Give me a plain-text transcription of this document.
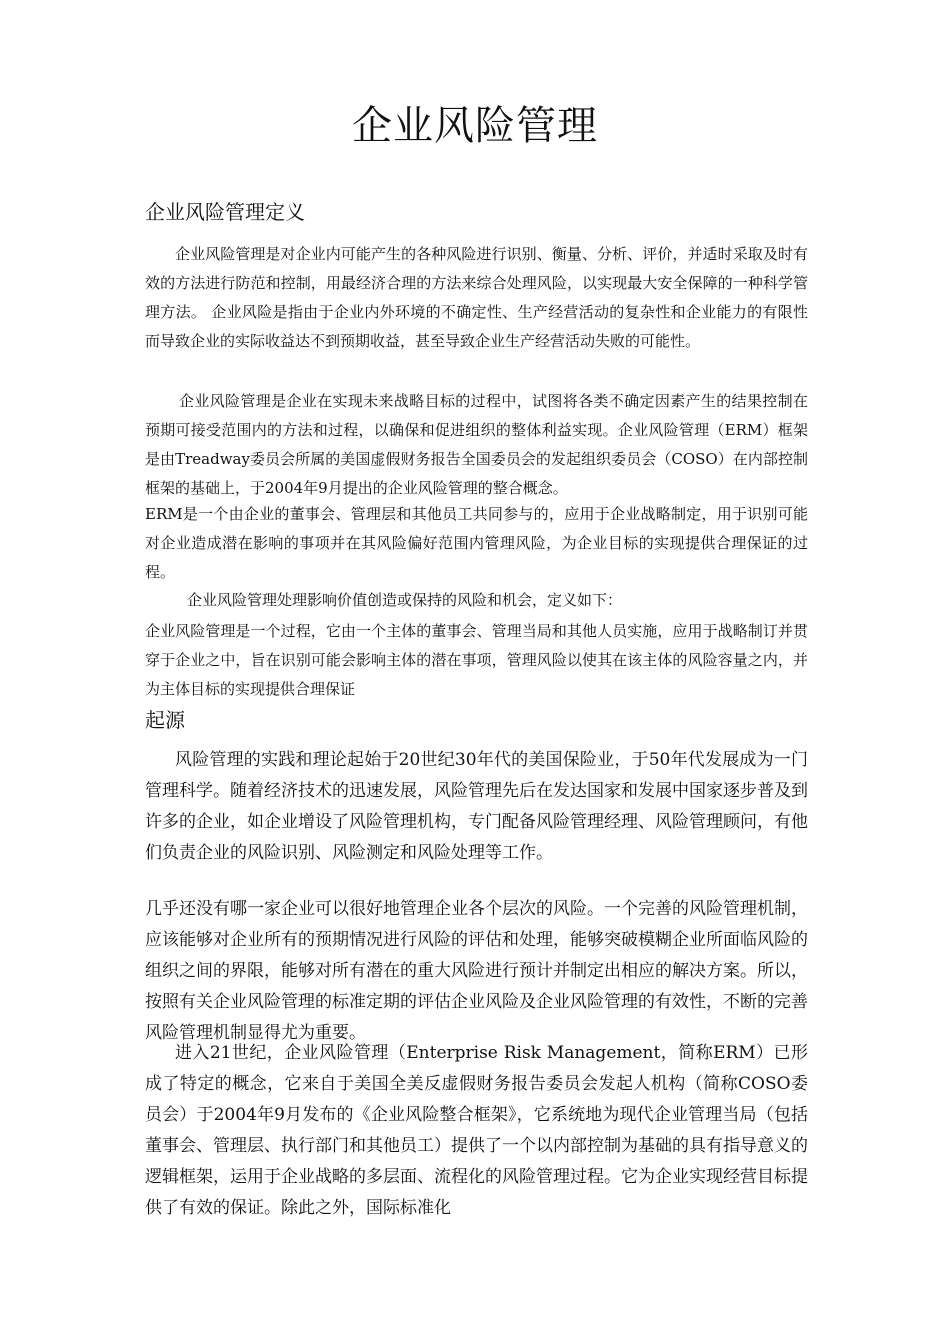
企业风险管理
企业风险管理定义

企业风险管理是对企业内可能产生的各种风险进行识别、衡量、分析、评价，并适时采取及时有效的方法进行防范和控制，用最经济合理的方法来综合处理风险，以实现最大安全保障的一种科学管理方法。 企业风险是指由于企业内外环境的不确定性、生产经营活动的复杂性和企业能力的有限性而导致企业的实际收益达不到预期收益，甚至导致企业生产经营活动失败的可能性。

企业风险管理是企业在实现未来战略目标的过程中，试图将各类不确定因素产生的结果控制在预期可接受范围内的方法和过程，以确保和促进组织的整体利益实现。企业风险管理（ERM）框架是由Treadway委员会所属的美国虚假财务报告全国委员会的发起组织委员会（COSO）在内部控制框架的基础上，于2004年9月提出的企业风险管理的整合概念。

ERM是一个由企业的董事会、管理层和其他员工共同参与的，应用于企业战略制定，用于识别可能对企业造成潜在影响的事项并在其风险偏好范围内管理风险，为企业目标的实现提供合理保证的过程。

企业风险管理处理影响价值创造或保持的风险和机会，定义如下：

企业风险管理是一个过程，它由一个主体的董事会、管理当局和其他人员实施，应用于战略制订并贯穿于企业之中，旨在识别可能会影响主体的潜在事项，管理风险以使其在该主体的风险容量之内，并为主体目标的实现提供合理保证

起源

风险管理的实践和理论起始于20世纪30年代的美国保险业，于50年代发展成为一门管理科学。随着经济技术的迅速发展，风险管理先后在发达国家和发展中国家逐步普及到许多的企业，如企业增设了风险管理机构，专门配备风险管理经理、风险管理顾问，有他们负责企业的风险识别、风险测定和风险处理等工作。

几乎还没有哪一家企业可以很好地管理企业各个层次的风险。一个完善的风险管理机制，应该能够对企业所有的预期情况进行风险的评估和处理，能够突破模糊企业所面临风险的组织之间的界限，能够对所有潜在的重大风险进行预计并制定出相应的解决方案。所以，按照有关企业风险管理的标准定期的评估企业风险及企业风险管理的有效性，不断的完善风险管理机制显得尤为重要。

进入21世纪，企业风险管理（Enterprise Risk Management，简称ERM）已形成了特定的概念，它来自于美国全美反虚假财务报告委员会发起人机构（简称COSO委员会）于2004年9月发布的《企业风险整合框架》，它系统地为现代企业管理当局（包括董事会、管理层、执行部门和其他员工）提供了一个以内部控制为基础的具有指导意义的逻辑框架，运用于企业战略的多层面、流程化的风险管理过程。它为企业实现经营目标提供了有效的保证。除此之外，国际标准化
